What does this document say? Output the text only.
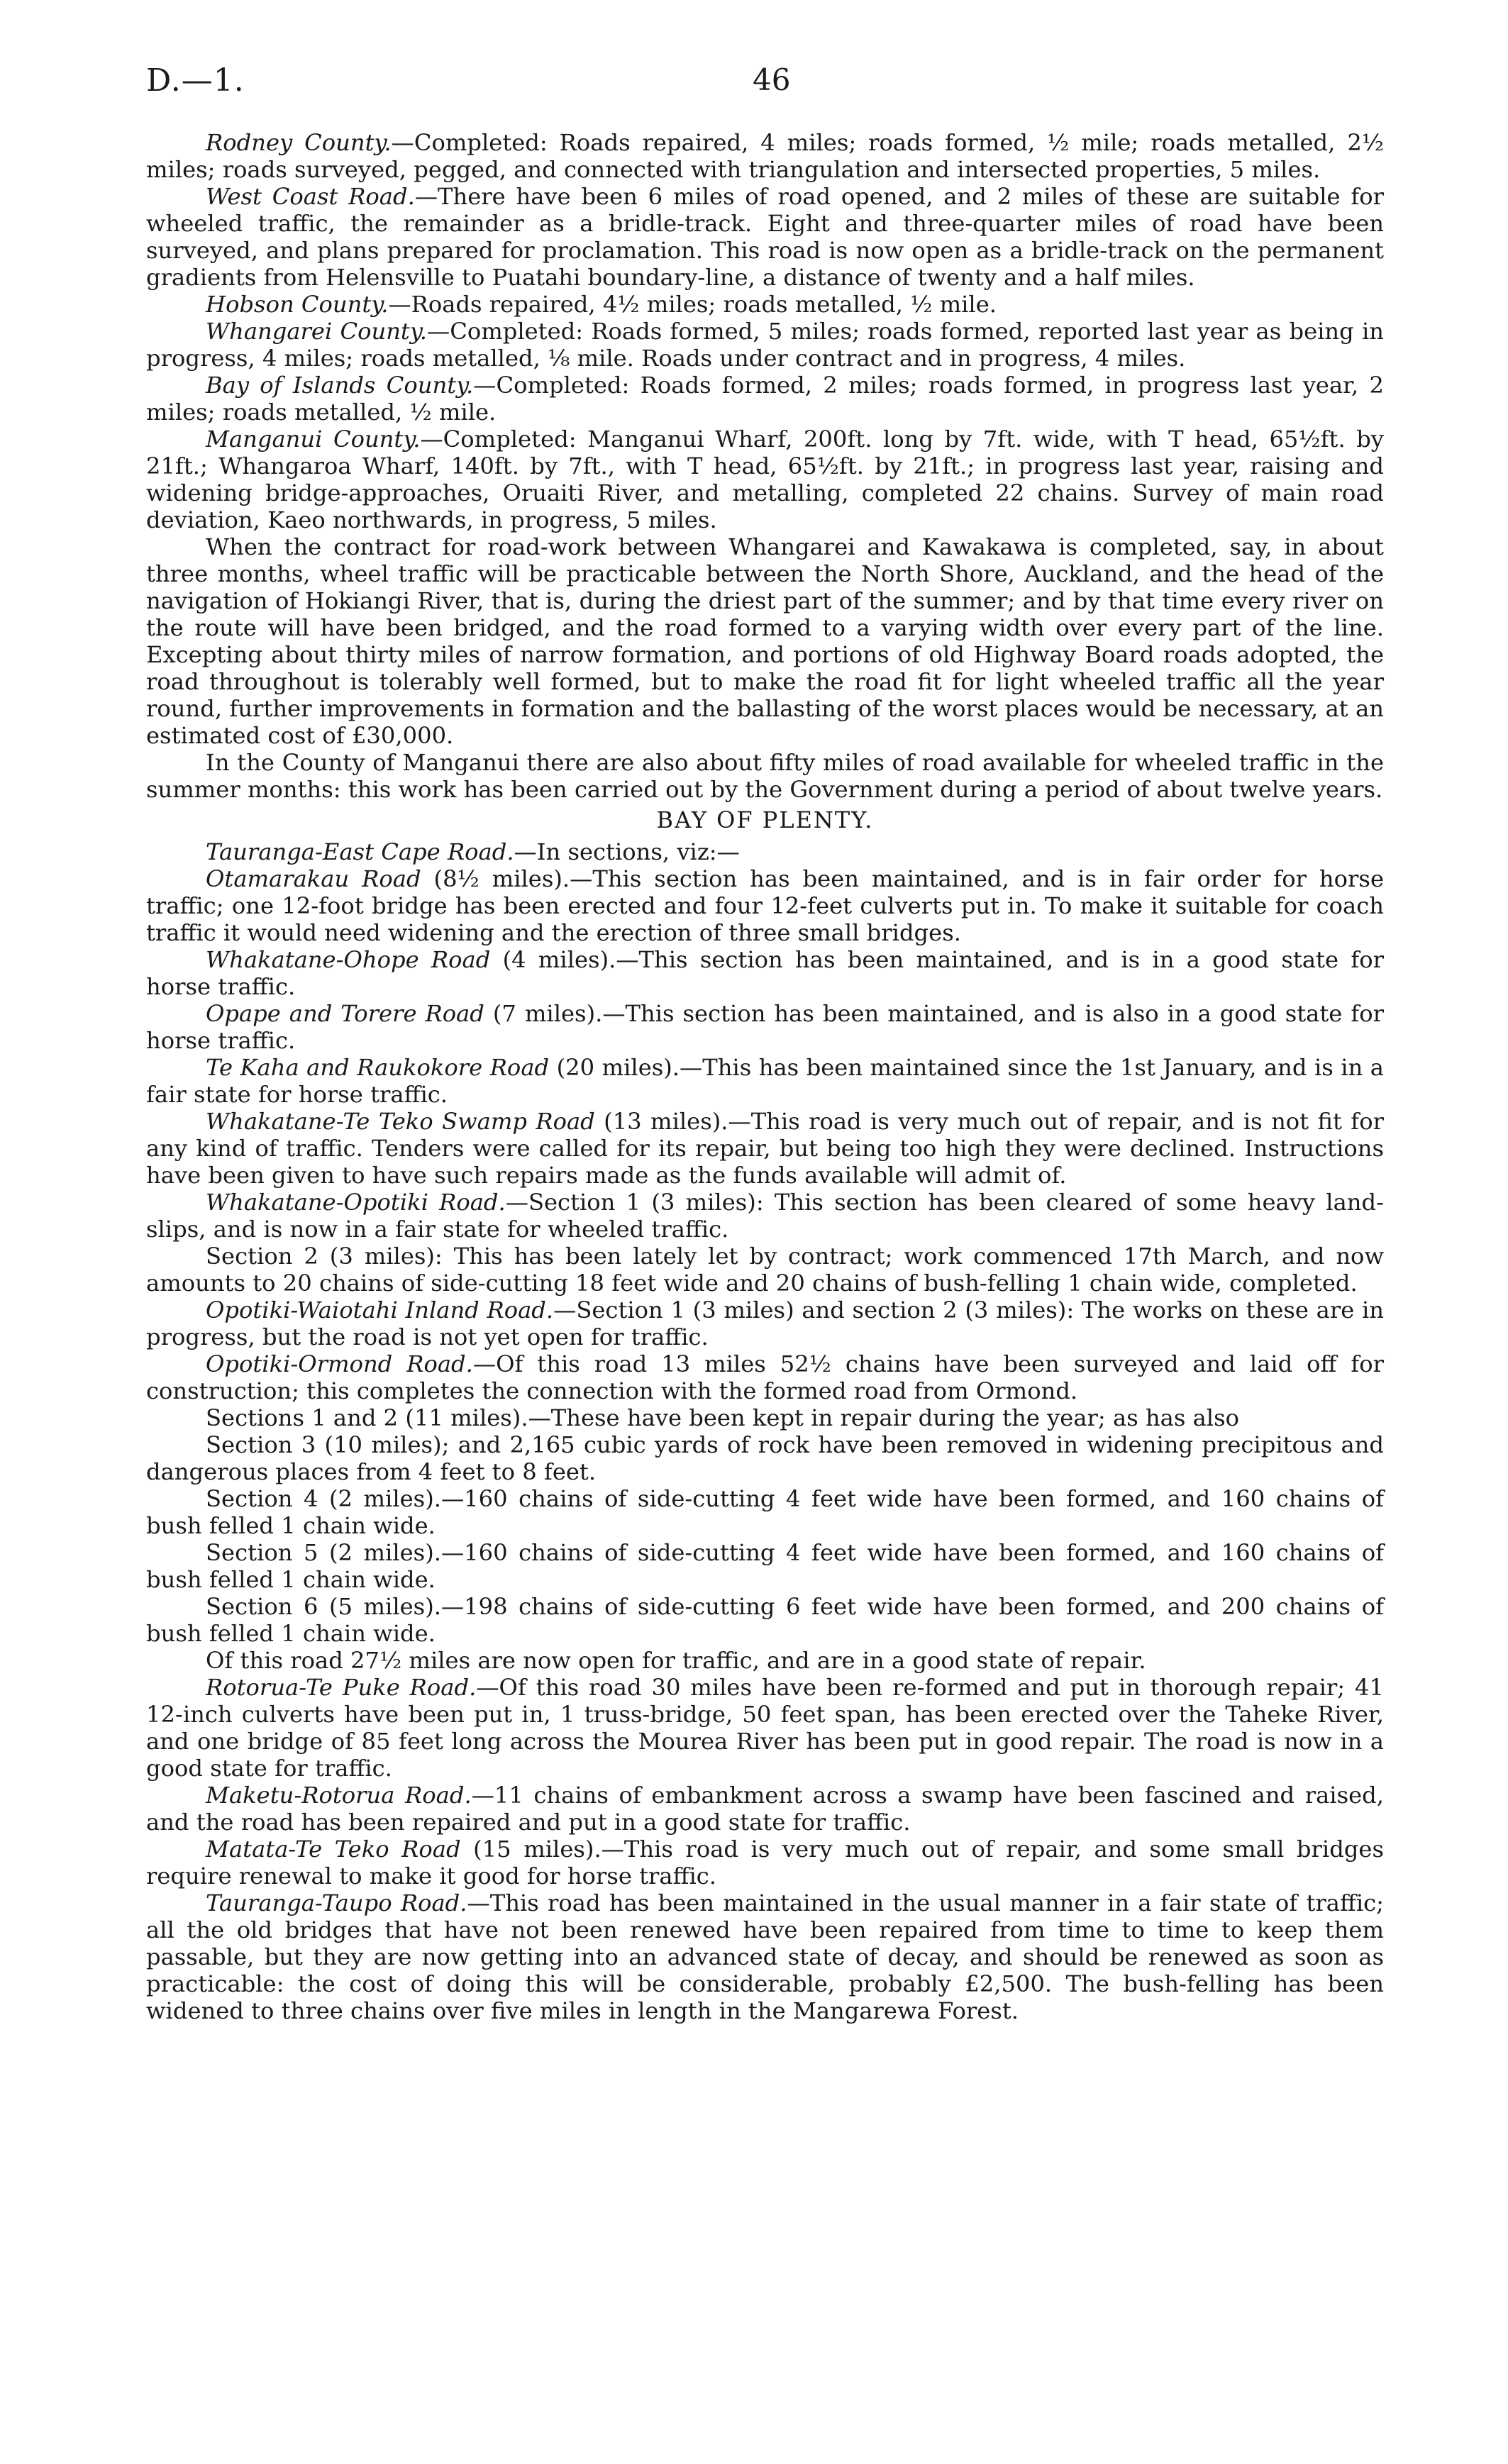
D.—1.	46

Rodney County.—Completed: Roads repaired, 4 miles; roads formed, ½ mile; roads metalled, 2½ miles; roads surveyed, pegged, and connected with triangulation and intersected properties, 5 miles.

West Coast Road.—There have been 6 miles of road opened, and 2 miles of these are suitable for wheeled traffic, the remainder as a bridle-track. Eight and three-quarter miles of road have been surveyed, and plans prepared for proclamation. This road is now open as a bridle-track on the permanent gradients from Helensville to Puatahi boundary-line, a distance of twenty and a half miles.

Hobson County.—Roads repaired, 4½ miles; roads metalled, ½ mile.

Whangarei County.—Completed: Roads formed, 5 miles; roads formed, reported last year as being in progress, 4 miles; roads metalled, ⅛ mile. Roads under contract and in progress, 4 miles.

Bay of Islands County.—Completed: Roads formed, 2 miles; roads formed, in progress last year, 2 miles; roads metalled, ½ mile.

Manganui County.—Completed: Manganui Wharf, 200ft. long by 7ft. wide, with T head, 65½ft. by 21ft.; Whangaroa Wharf, 140ft. by 7ft., with T head, 65½ft. by 21ft.; in progress last year, raising and widening bridge-approaches, Oruaiti River, and metalling, completed 22 chains. Survey of main road deviation, Kaeo northwards, in progress, 5 miles.

When the contract for road-work between Whangarei and Kawakawa is completed, say, in about three months, wheel traffic will be practicable between the North Shore, Auckland, and the head of the navigation of Hokiangi River, that is, during the driest part of the summer; and by that time every river on the route will have been bridged, and the road formed to a varying width over every part of the line. Excepting about thirty miles of narrow formation, and portions of old Highway Board roads adopted, the road throughout is tolerably well formed, but to make the road fit for light wheeled traffic all the year round, further improvements in formation and the ballasting of the worst places would be necessary, at an estimated cost of £30,000.

In the County of Manganui there are also about fifty miles of road available for wheeled traffic in the summer months: this work has been carried out by the Government during a period of about twelve years.

BAY OF PLENTY.

Tauranga-East Cape Road.—In sections, viz:—

Otamarakau Road (8½ miles).—This section has been maintained, and is in fair order for horse traffic; one 12-foot bridge has been erected and four 12-feet culverts put in. To make it suitable for coach traffic it would need widening and the erection of three small bridges.

Whakatane-Ohope Road (4 miles).—This section has been maintained, and is in a good state for horse traffic.

Opape and Torere Road (7 miles).—This section has been maintained, and is also in a good state for horse traffic.

Te Kaha and Raukokore Road (20 miles).—This has been maintained since the 1st January, and is in a fair state for horse traffic.

Whakatane-Te Teko Swamp Road (13 miles).—This road is very much out of repair, and is not fit for any kind of traffic. Tenders were called for its repair, but being too high they were declined. Instructions have been given to have such repairs made as the funds available will admit of.

Whakatane-Opotiki Road.—Section 1 (3 miles): This section has been cleared of some heavy land-slips, and is now in a fair state for wheeled traffic.

Section 2 (3 miles): This has been lately let by contract; work commenced 17th March, and now amounts to 20 chains of side-cutting 18 feet wide and 20 chains of bush-felling 1 chain wide, completed.

Opotiki-Waiotahi Inland Road.—Section 1 (3 miles) and section 2 (3 miles): The works on these are in progress, but the road is not yet open for traffic.

Opotiki-Ormond Road.—Of this road 13 miles 52½ chains have been surveyed and laid off for construction; this completes the connection with the formed road from Ormond.

Sections 1 and 2 (11 miles).—These have been kept in repair during the year; as has also

Section 3 (10 miles); and 2,165 cubic yards of rock have been removed in widening precipitous and dangerous places from 4 feet to 8 feet.

Section 4 (2 miles).—160 chains of side-cutting 4 feet wide have been formed, and 160 chains of bush felled 1 chain wide.

Section 5 (2 miles).—160 chains of side-cutting 4 feet wide have been formed, and 160 chains of bush felled 1 chain wide.

Section 6 (5 miles).—198 chains of side-cutting 6 feet wide have been formed, and 200 chains of bush felled 1 chain wide.

Of this road 27½ miles are now open for traffic, and are in a good state of repair.

Rotorua-Te Puke Road.—Of this road 30 miles have been re-formed and put in thorough repair; 41 12-inch culverts have been put in, 1 truss-bridge, 50 feet span, has been erected over the Taheke River, and one bridge of 85 feet long across the Mourea River has been put in good repair. The road is now in a good state for traffic.

Maketu-Rotorua Road.—11 chains of embankment across a swamp have been fascined and raised, and the road has been repaired and put in a good state for traffic.

Matata-Te Teko Road (15 miles).—This road is very much out of repair, and some small bridges require renewal to make it good for horse traffic.

Tauranga-Taupo Road.—This road has been maintained in the usual manner in a fair state of traffic; all the old bridges that have not been renewed have been repaired from time to time to keep them passable, but they are now getting into an advanced state of decay, and should be renewed as soon as practicable: the cost of doing this will be considerable, probably £2,500. The bush-felling has been widened to three chains over five miles in length in the Mangarewa Forest.
